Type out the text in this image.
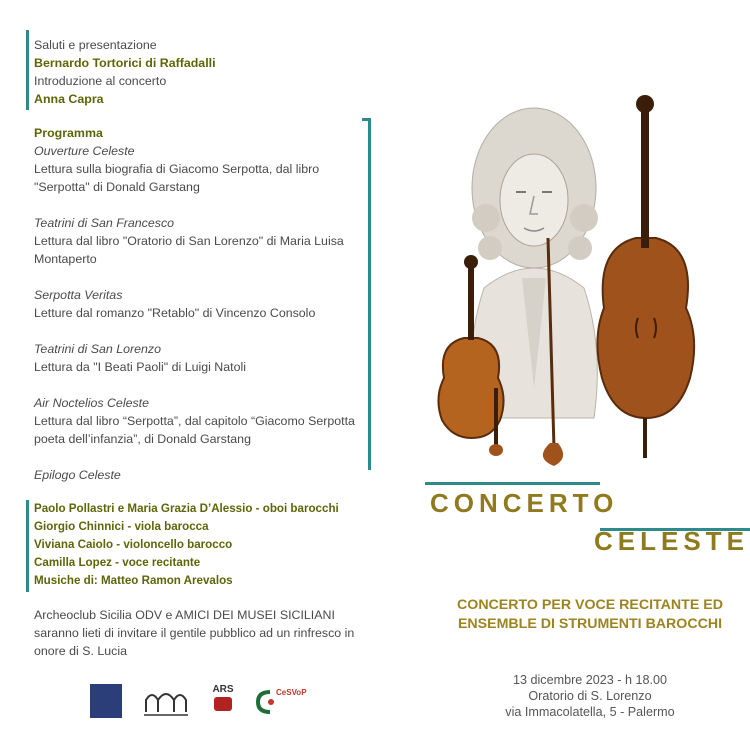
Saluti e presentazione
Bernardo Tortorici di Raffadalli
Introduzione al concerto
Anna Capra
Programma
Ouverture Celeste
Lettura sulla biografia di Giacomo Serpotta, dal libro "Serpotta" di Donald Garstang
Teatrini di San Francesco
Lettura dal libro "Oratorio di San Lorenzo" di Maria Luisa Montaperto
Serpotta Veritas
Letture dal romanzo "Retablo" di Vincenzo Consolo
Teatrini di San Lorenzo
Lettura da "I Beati Paoli" di Luigi Natoli
Air Noctelios Celeste
Lettura dal libro “Serpotta”, dal capitolo “Giacomo Serpotta poeta dell’infanzia”, di Donald Garstang
Epilogo Celeste
Paolo Pollastri e Maria Grazia D’Alessio - oboi barocchi
Giorgio Chinnici - viola barocca
Viviana Caiolo - violoncello barocco
Camilla Lopez - voce recitante
Musiche di: Matteo Ramon Arevalos
Archeoclub Sicilia ODV e AMICI DEI MUSEI SICILIANI saranno lieti di invitare il gentile pubblico ad un rinfresco in onore di S. Lucia
ARS	CeSVoP
CONCERTO
CELESTE
CONCERTO PER VOCE RECITANTE ED
ENSEMBLE DI STRUMENTI BAROCCHI
13 dicembre 2023 - h 18.00
Oratorio di S. Lorenzo
via Immacolatella, 5 - Palermo
